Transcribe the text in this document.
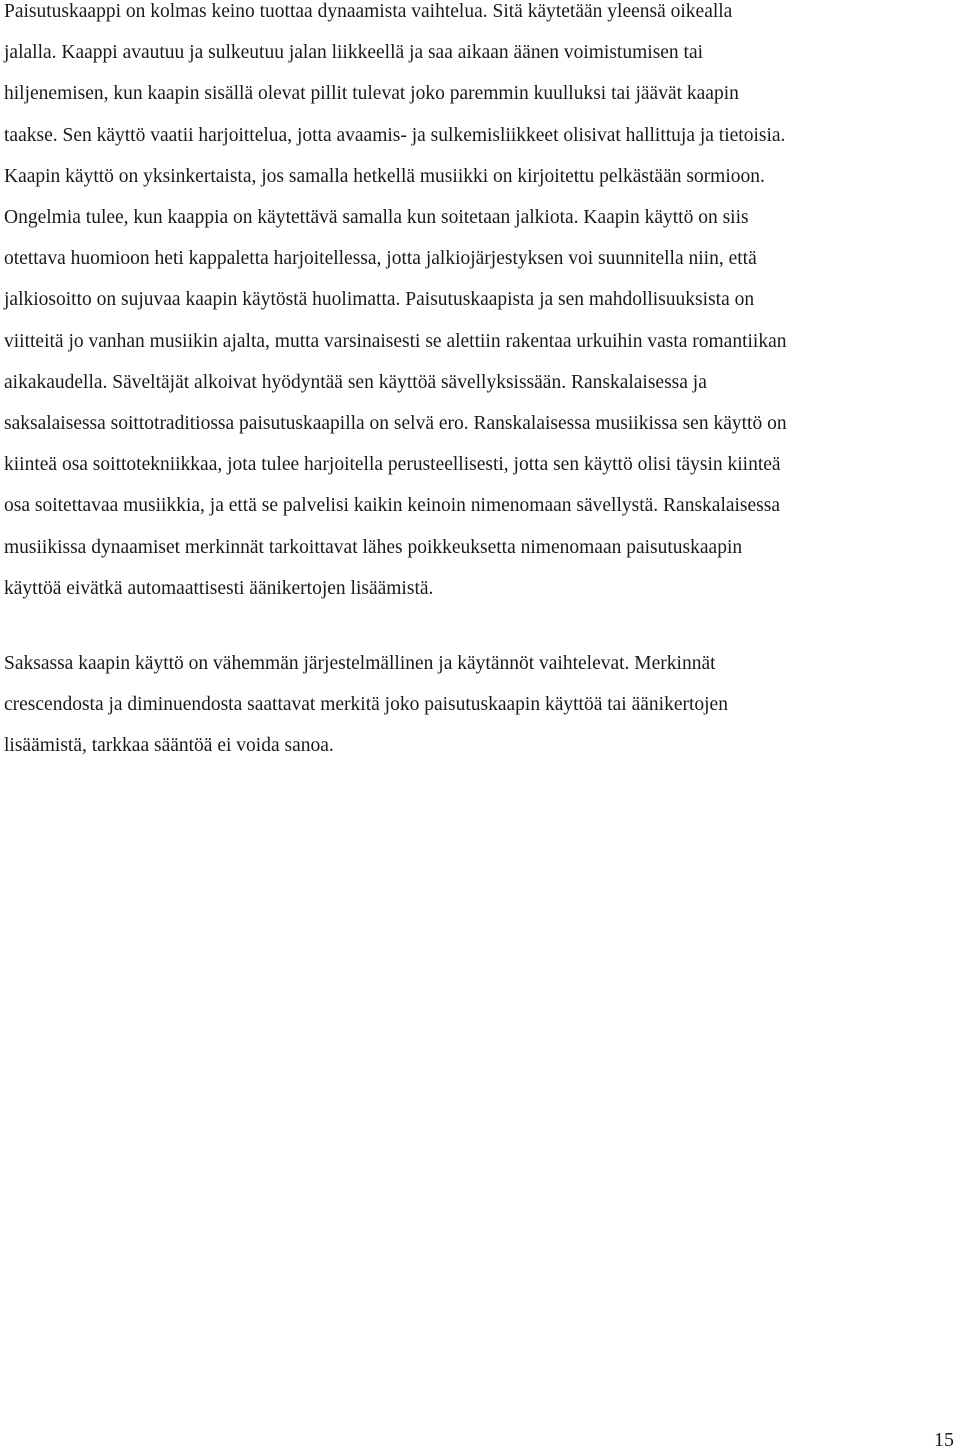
Paisutuskaappi on kolmas keino tuottaa dynaamista vaihtelua. Sitä käytetään yleensä oikealla
jalalla. Kaappi avautuu ja sulkeutuu jalan liikkeellä ja saa aikaan äänen voimistumisen tai
hiljenemisen, kun kaapin sisällä olevat pillit tulevat joko paremmin kuulluksi tai jäävät kaapin
taakse. Sen käyttö vaatii harjoittelua, jotta avaamis- ja sulkemisliikkeet olisivat hallittuja ja tietoisia.
Kaapin käyttö on yksinkertaista, jos samalla hetkellä musiikki on kirjoitettu pelkästään sormioon.
Ongelmia tulee, kun kaappia on käytettävä samalla kun soitetaan jalkiota. Kaapin käyttö on siis
otettava huomioon heti kappaletta harjoitellessa, jotta jalkiojärjestyksen voi suunnitella niin, että
jalkiosoitto on sujuvaa kaapin käytöstä huolimatta. Paisutuskaapista ja sen mahdollisuuksista on
viitteitä jo vanhan musiikin ajalta, mutta varsinaisesti se alettiin rakentaa urkuihin vasta romantiikan
aikakaudella. Säveltäjät alkoivat hyödyntää sen käyttöä sävellyksissään. Ranskalaisessa ja
saksalaisessa soittotraditiossa paisutuskaapilla on selvä ero. Ranskalaisessa musiikissa sen käyttö on
kiinteä osa soittotekniikkaa, jota tulee harjoitella perusteellisesti, jotta sen käyttö olisi täysin kiinteä
osa soitettavaa musiikkia, ja että se palvelisi kaikin keinoin nimenomaan sävellystä. Ranskalaisessa
musiikissa dynaamiset merkinnät tarkoittavat lähes poikkeuksetta nimenomaan paisutuskaapin
käyttöä eivätkä automaattisesti äänikertojen lisäämistä.
Saksassa kaapin käyttö on vähemmän järjestelmällinen ja käytännöt vaihtelevat. Merkinnät
crescendosta ja diminuendosta saattavat merkitä joko paisutuskaapin käyttöä tai äänikertojen
lisäämistä, tarkkaa sääntöä ei voida sanoa.
15
